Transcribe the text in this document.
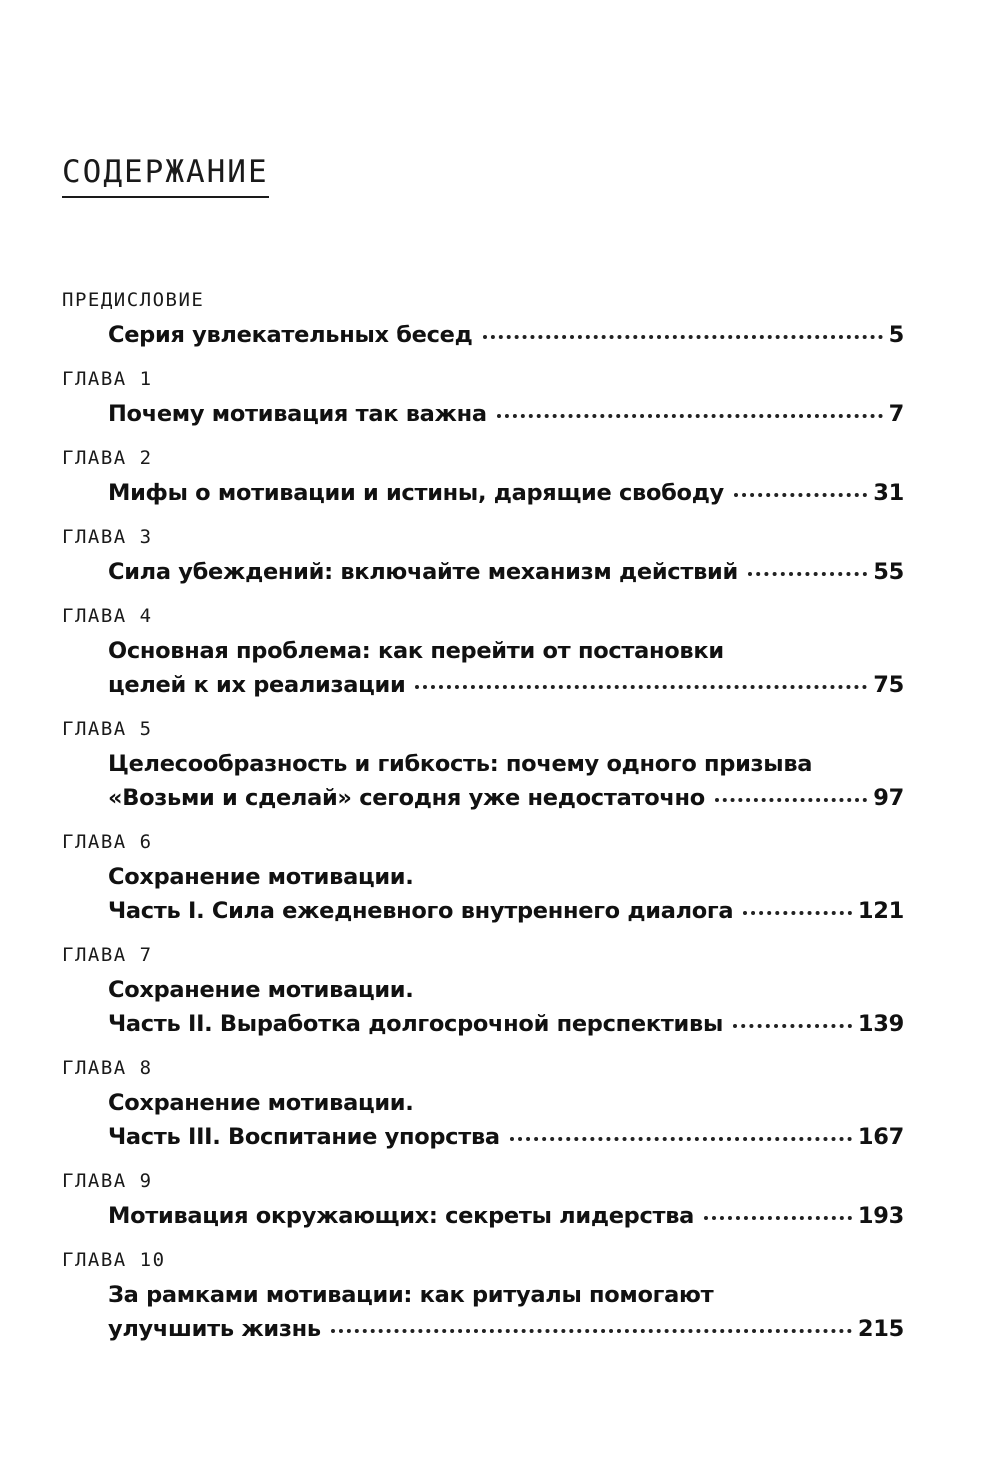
СОДЕРЖАНИЕ
ПРЕДИСЛОВИЕ
Серия увлекательных бесед	5
ГЛАВА 1
Почему мотивация так важна	7
ГЛАВА 2
Мифы о мотивации и истины, дарящие свободу	31
ГЛАВА 3
Сила убеждений: включайте механизм действий	55
ГЛАВА 4
Основная проблема: как перейти от постановки
целей к их реализации	75
ГЛАВА 5
Целесообразность и гибкость: почему одного призыва
«Возьми и сделай» сегодня уже недостаточно	97
ГЛАВА 6
Сохранение мотивации.
Часть I. Сила ежедневного внутреннего диалога	121
ГЛАВА 7
Сохранение мотивации.
Часть II. Выработка долгосрочной перспективы	139
ГЛАВА 8
Сохранение мотивации.
Часть III. Воспитание упорства	167
ГЛАВА 9
Мотивация окружающих: секреты лидерства	193
ГЛАВА 10
За рамками мотивации: как ритуалы помогают
улучшить жизнь	215
